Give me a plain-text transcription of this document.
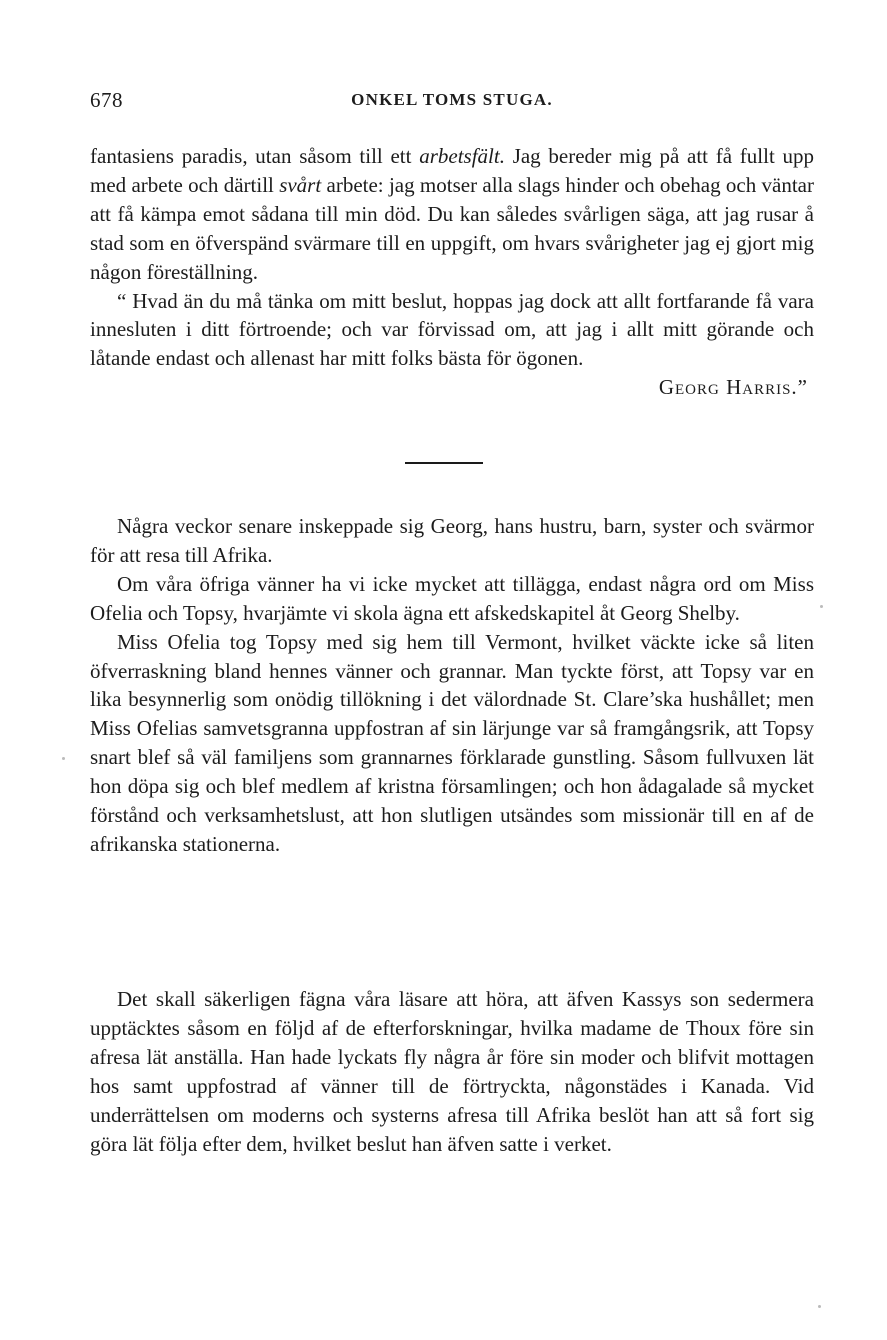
678	ONKEL TOMS STUGA.

fantasiens paradis, utan såsom till ett arbetsfält. Jag bereder mig på att få fullt upp med arbete och därtill svårt arbete: jag motser alla slags hinder och obehag och väntar att få kämpa emot sådana till min död. Du kan således svårligen säga, att jag rusar å stad som en öfverspänd svärmare till en uppgift, om hvars svårigheter jag ej gjort mig någon föreställning.

“ Hvad än du må tänka om mitt beslut, hoppas jag dock att allt fortfarande få vara innesluten i ditt förtroende; och var förvissad om, att jag i allt mitt görande och låtande endast och allenast har mitt folks bästa för ögonen.

Georg Harris.”

Några veckor senare inskeppade sig Georg, hans hustru, barn, syster och svärmor för att resa till Afrika.

Om våra öfriga vänner ha vi icke mycket att tillägga, endast några ord om Miss Ofelia och Topsy, hvarjämte vi skola ägna ett afskedskapitel åt Georg Shelby.

Miss Ofelia tog Topsy med sig hem till Vermont, hvilket väckte icke så liten öfverraskning bland hennes vänner och grannar. Man tyckte först, att Topsy var en lika besynnerlig som onödig tillökning i det välordnade St. Clare’ska hushållet; men Miss Ofelias samvetsgranna uppfostran af sin lärjunge var så framgångsrik, att Topsy snart blef så väl familjens som grannarnes förklarade gunstling. Såsom fullvuxen lät hon döpa sig och blef medlem af kristna församlingen; och hon ådagalade så mycket förstånd och verksamhetslust, att hon slutligen utsändes som missionär till en af de afrikanska stationerna.

Det skall säkerligen fägna våra läsare att höra, att äfven Kassys son sedermera upptäcktes såsom en följd af de efterforskningar, hvilka madame de Thoux före sin afresa lät anställa. Han hade lyckats fly några år före sin moder och blifvit mottagen hos samt uppfostrad af vänner till de förtryckta, någonstädes i Kanada. Vid underrättelsen om moderns och systerns afresa till Afrika beslöt han att så fort sig göra lät följa efter dem, hvilket beslut han äfven satte i verket.
